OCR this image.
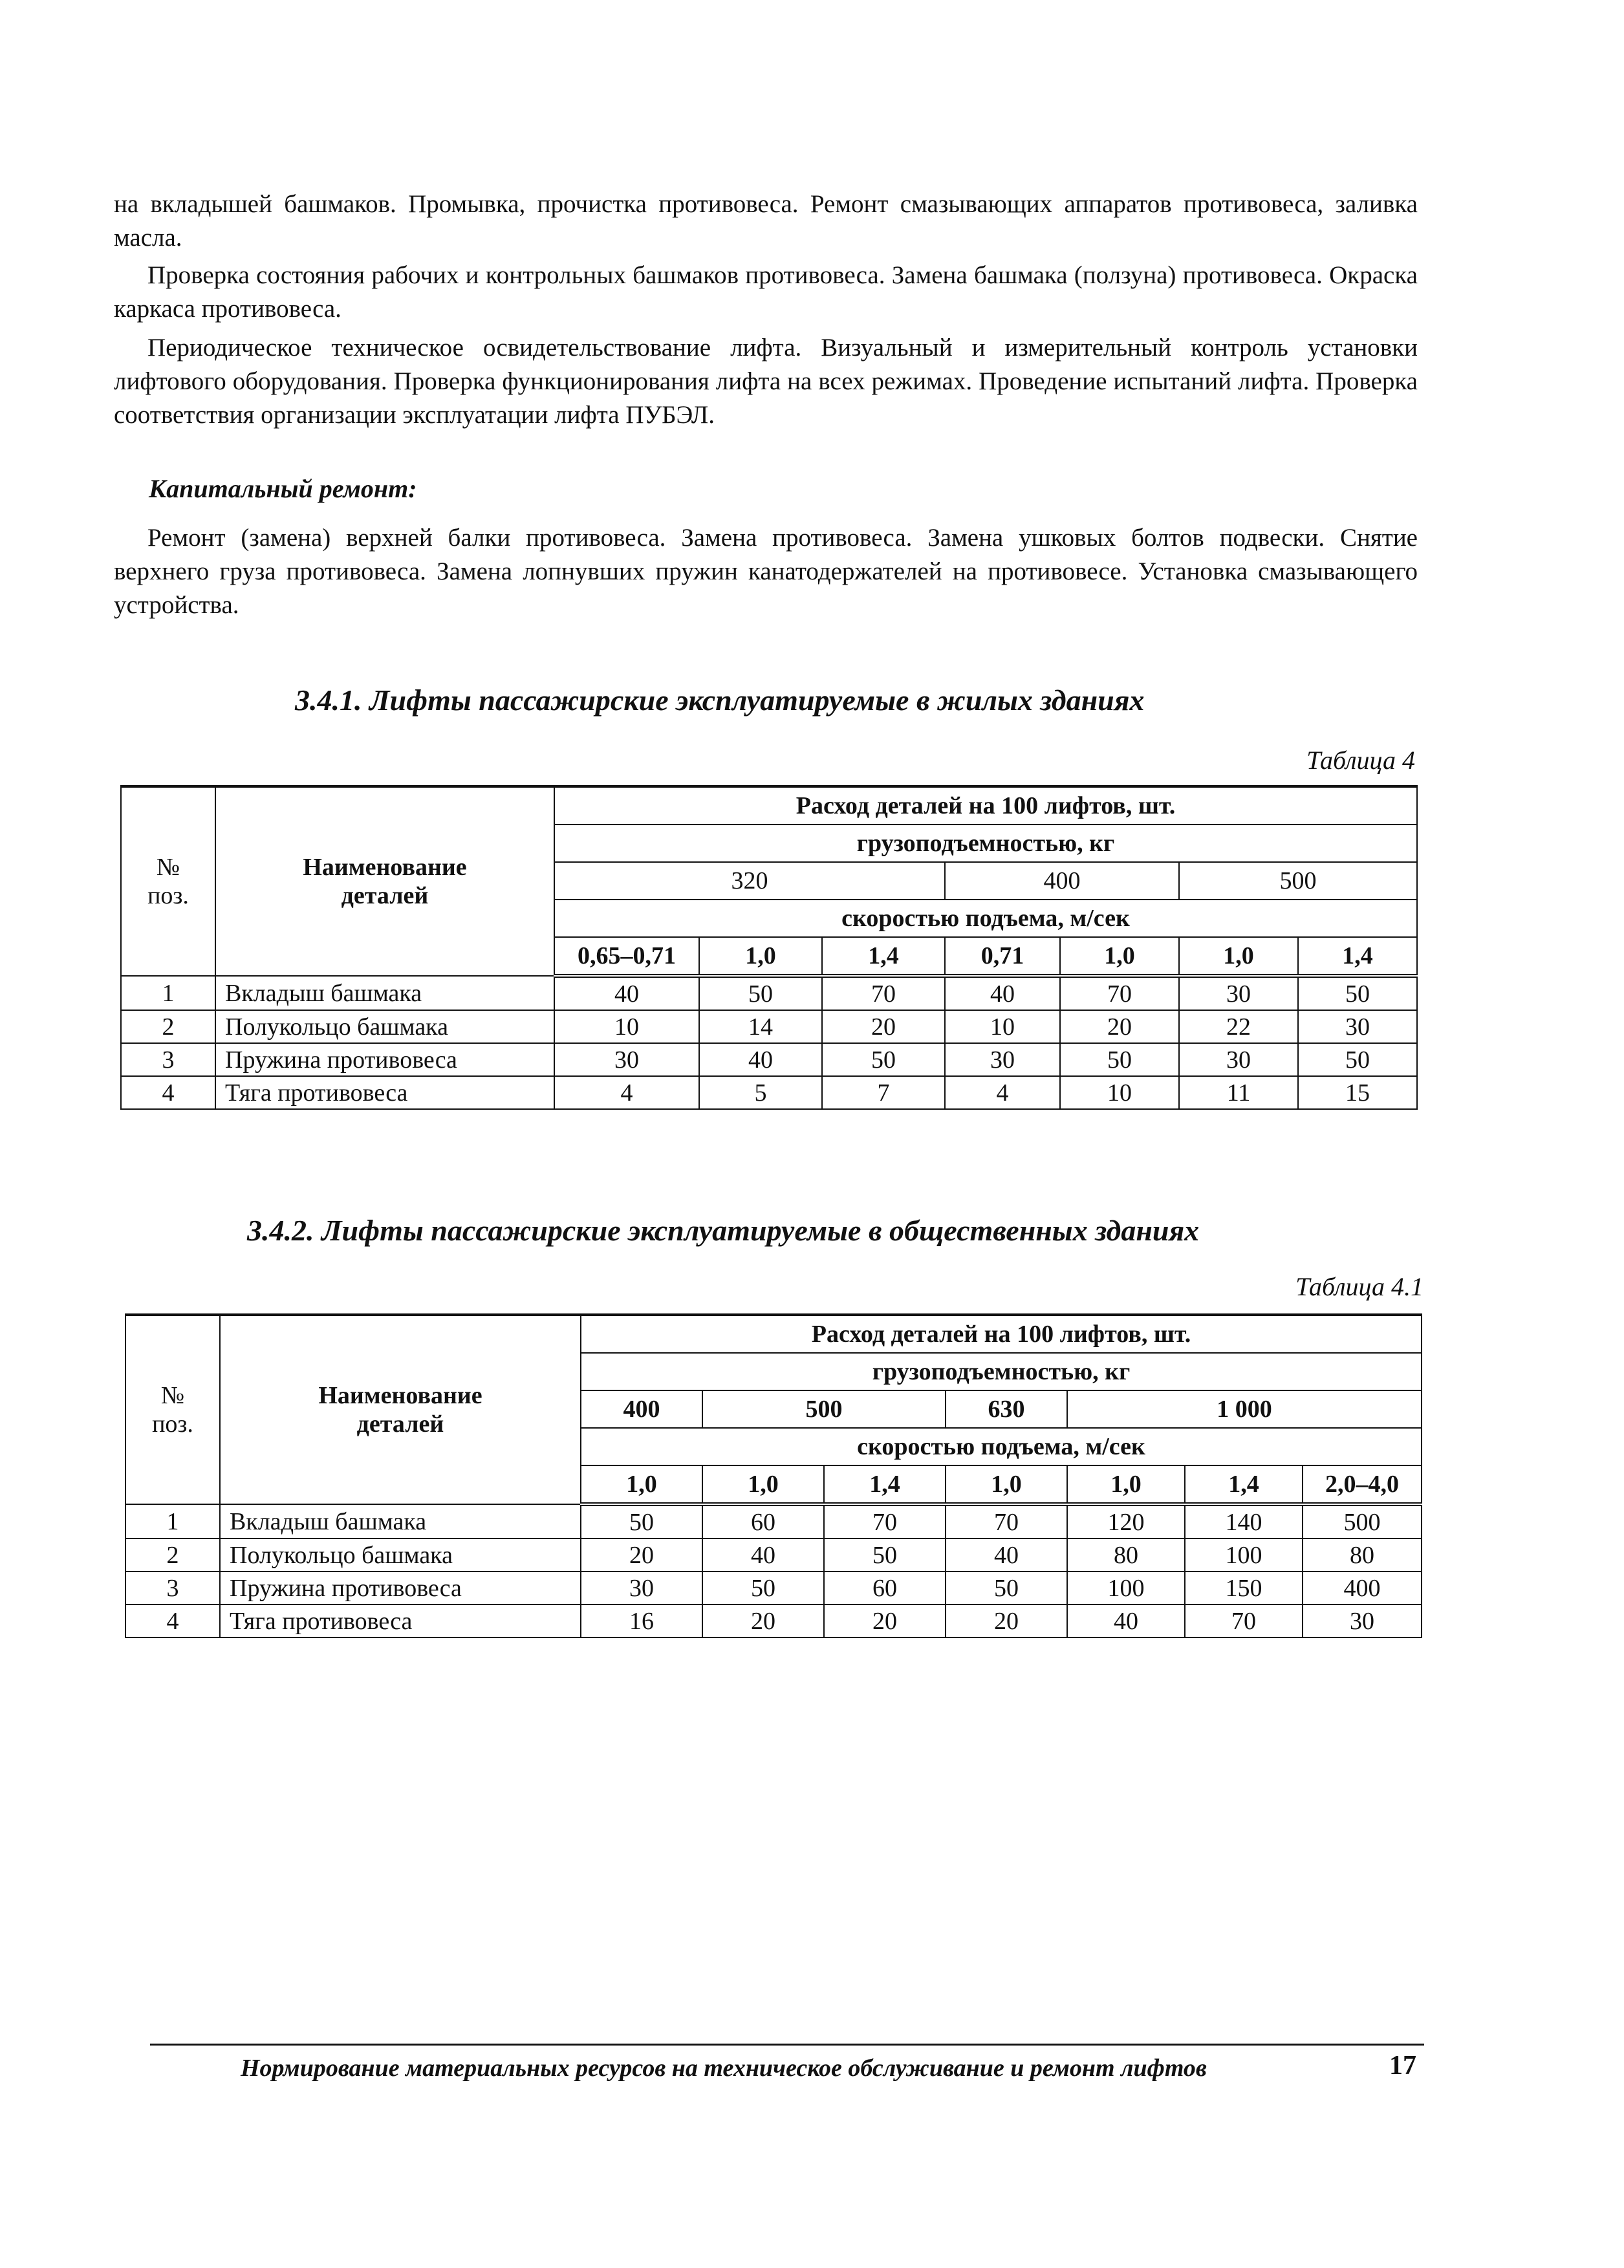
на вкладышей башмаков. Промывка, прочистка противовеса. Ремонт смазывающих аппаратов противовеса, заливка масла.

Проверка состояния рабочих и контрольных башмаков противовеса. Замена башмака (ползуна) противовеса. Окраска каркаса противовеса.

Периодическое техническое освидетельствование лифта. Визуальный и измерительный контроль установки лифтового оборудования. Проверка функционирования лифта на всех режимах. Проведение испытаний лифта. Проверка соответствия организации эксплуатации лифта ПУБЭЛ.

Капитальный ремонт:

Ремонт (замена) верхней балки противовеса. Замена противовеса. Замена ушковых болтов подвески. Снятие верхнего груза противовеса. Замена лопнувших пружин канатодержателей на противовесе. Установка смазывающего устройства.

3.4.1. Лифты пассажирские эксплуатируемые в жилых зданиях
Таблица 4
№ поз.	Наименование деталей	Расход деталей на 100 лифтов, шт.						
		грузоподъемностью, кг						
		320			400		500	
		скоростью подъема, м/сек						
		0,65–0,71	1,0	1,4	0,71	1,0	1,0	1,4
1	Вкладыш башмака	40	50	70	40	70	30	50
2	Полукольцо башмака	10	14	20	10	20	22	30
3	Пружина противовеса	30	40	50	30	50	30	50
4	Тяга противовеса	4	5	7	4	10	11	15
3.4.2. Лифты пассажирские эксплуатируемые в общественных зданиях
Таблица 4.1
№ поз.	Наименование деталей	Расход деталей на 100 лифтов, шт.						
		грузоподъемностью, кг						
		400	500		630	1 000		
		скоростью подъема, м/сек						
		1,0	1,0	1,4	1,0	1,0	1,4	2,0–4,0
1	Вкладыш башмака	50	60	70	70	120	140	500
2	Полукольцо башмака	20	40	50	40	80	100	80
3	Пружина противовеса	30	50	60	50	100	150	400
4	Тяга противовеса	16	20	20	20	40	70	30
Нормирование материальных ресурсов на техническое обслуживание и ремонт лифтов	17
